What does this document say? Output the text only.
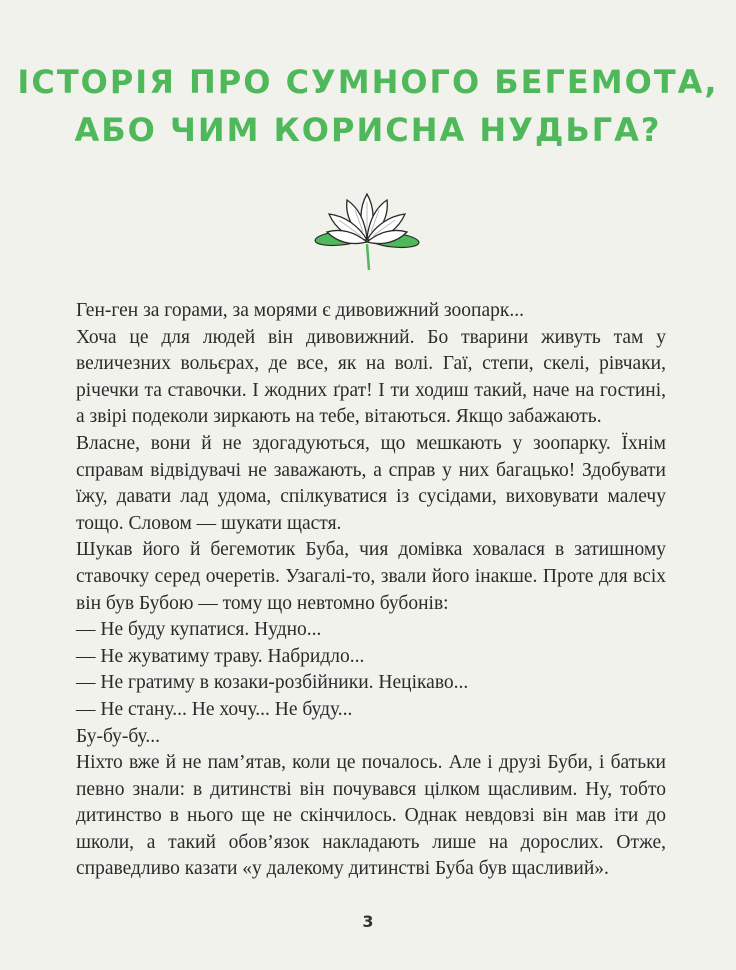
ІСТОРІЯ ПРО СУМНОГО БЕГЕМОТА,
АБО ЧИМ КОРИСНА НУДЬГА?

Ген-ген за горами, за морями є дивовижний зоопарк...

Хоча це для людей він дивовижний. Бо тварини живуть там у величезних вольєрах, де все, як на волі. Гаї, степи, скелі, рівчаки, річечки та ставочки. І жодних ґрат! І ти ходиш такий, наче на гостині, а звірі подеколи зиркають на тебе, вітаються. Якщо забажають.

Власне, вони й не здогадуються, що мешкають у зоопарку. Їхнім справам відвідувачі не заважають, а справ у них багацько! Здобувати їжу, давати лад удома, спілкуватися із сусідами, виховувати малечу тощо. Словом — шукати щастя.

Шукав його й бегемотик Буба, чия домівка ховалася в затишному ставочку серед очеретів. Узагалі-то, звали його інакше. Проте для всіх він був Бубою — тому що невтомно бубонів:

— Не буду купатися. Нудно...

— Не жуватиму траву. Набридло...

— Не гратиму в козаки-розбійники. Нецікаво...

— Не стану... Не хочу... Не буду...

Бу-бу-бу...

Ніхто вже й не пам’ятав, коли це почалось. Але і друзі Буби, і батьки певно знали: в дитинстві він почувався цілком щасливим. Ну, тобто дитинство в нього ще не скінчилось. Однак невдовзі він мав іти до школи, а такий обов’язок накладають лише на дорослих. Отже, справедливо казати «у далекому дитинстві Буба був щасливий».

3
